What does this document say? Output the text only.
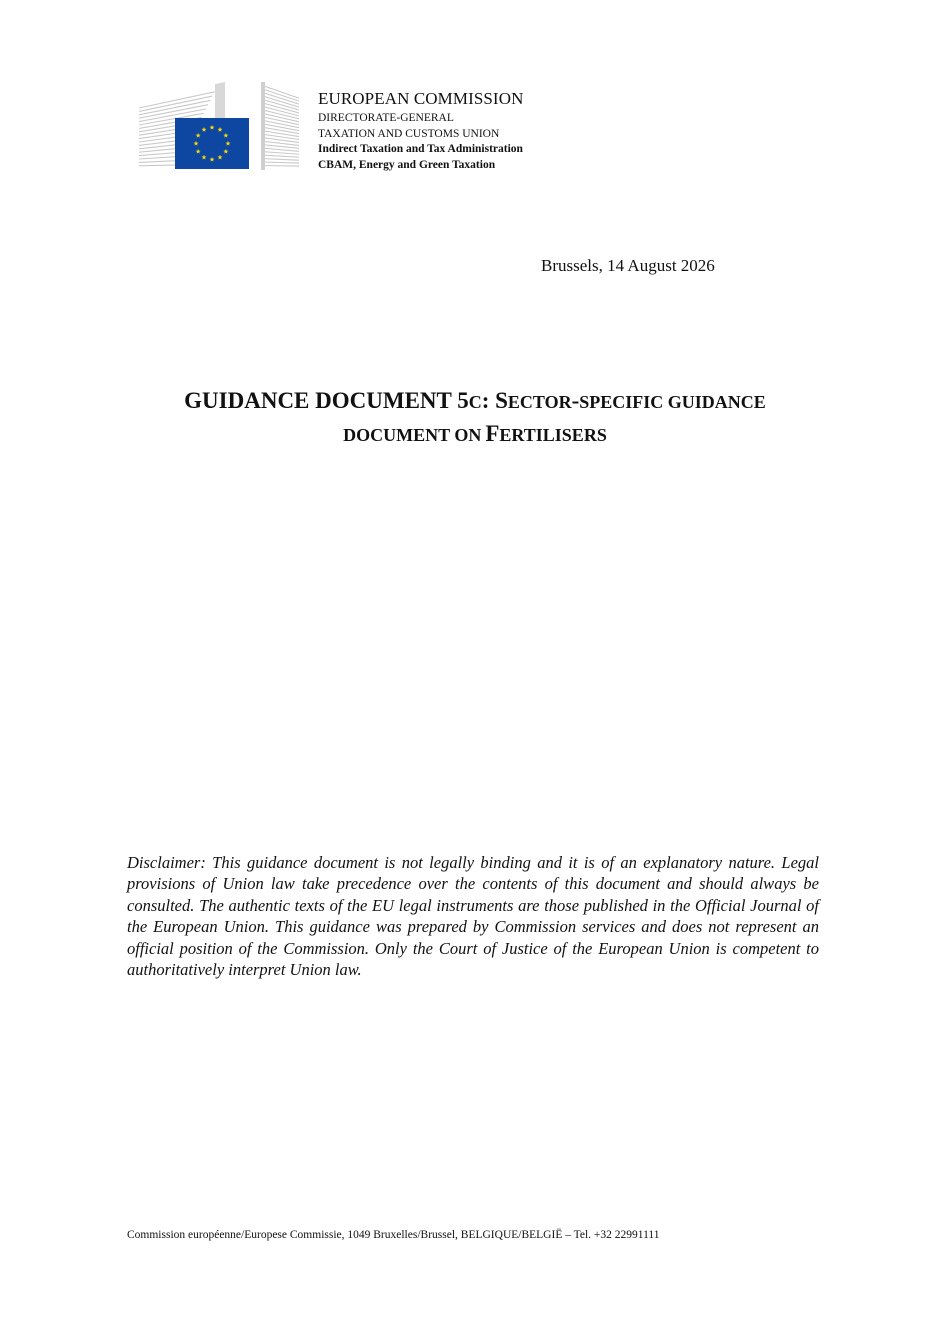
EUROPEAN COMMISSION
DIRECTORATE-GENERAL
TAXATION AND CUSTOMS UNION
Indirect Taxation and Tax Administration
CBAM, Energy and Green Taxation
Brussels, 14 August 2026
GUIDANCE DOCUMENT 5C: SECTOR-SPECIFIC GUIDANCE
DOCUMENT ON FERTILISERS
Disclaimer: This guidance document is not legally binding and it is of an explanatory nature. Legal provisions of Union law take precedence over the contents of this document and should always be consulted. The authentic texts of the EU legal instruments are those published in the Official Journal of the European Union. This guidance was prepared by Commission services and does not represent an official position of the Commission. Only the Court of Justice of the European Union is competent to authoritatively interpret Union law.
Commission européenne/Europese Commissie, 1049 Bruxelles/Brussel, BELGIQUE/BELGIË – Tel. +32 22991111
